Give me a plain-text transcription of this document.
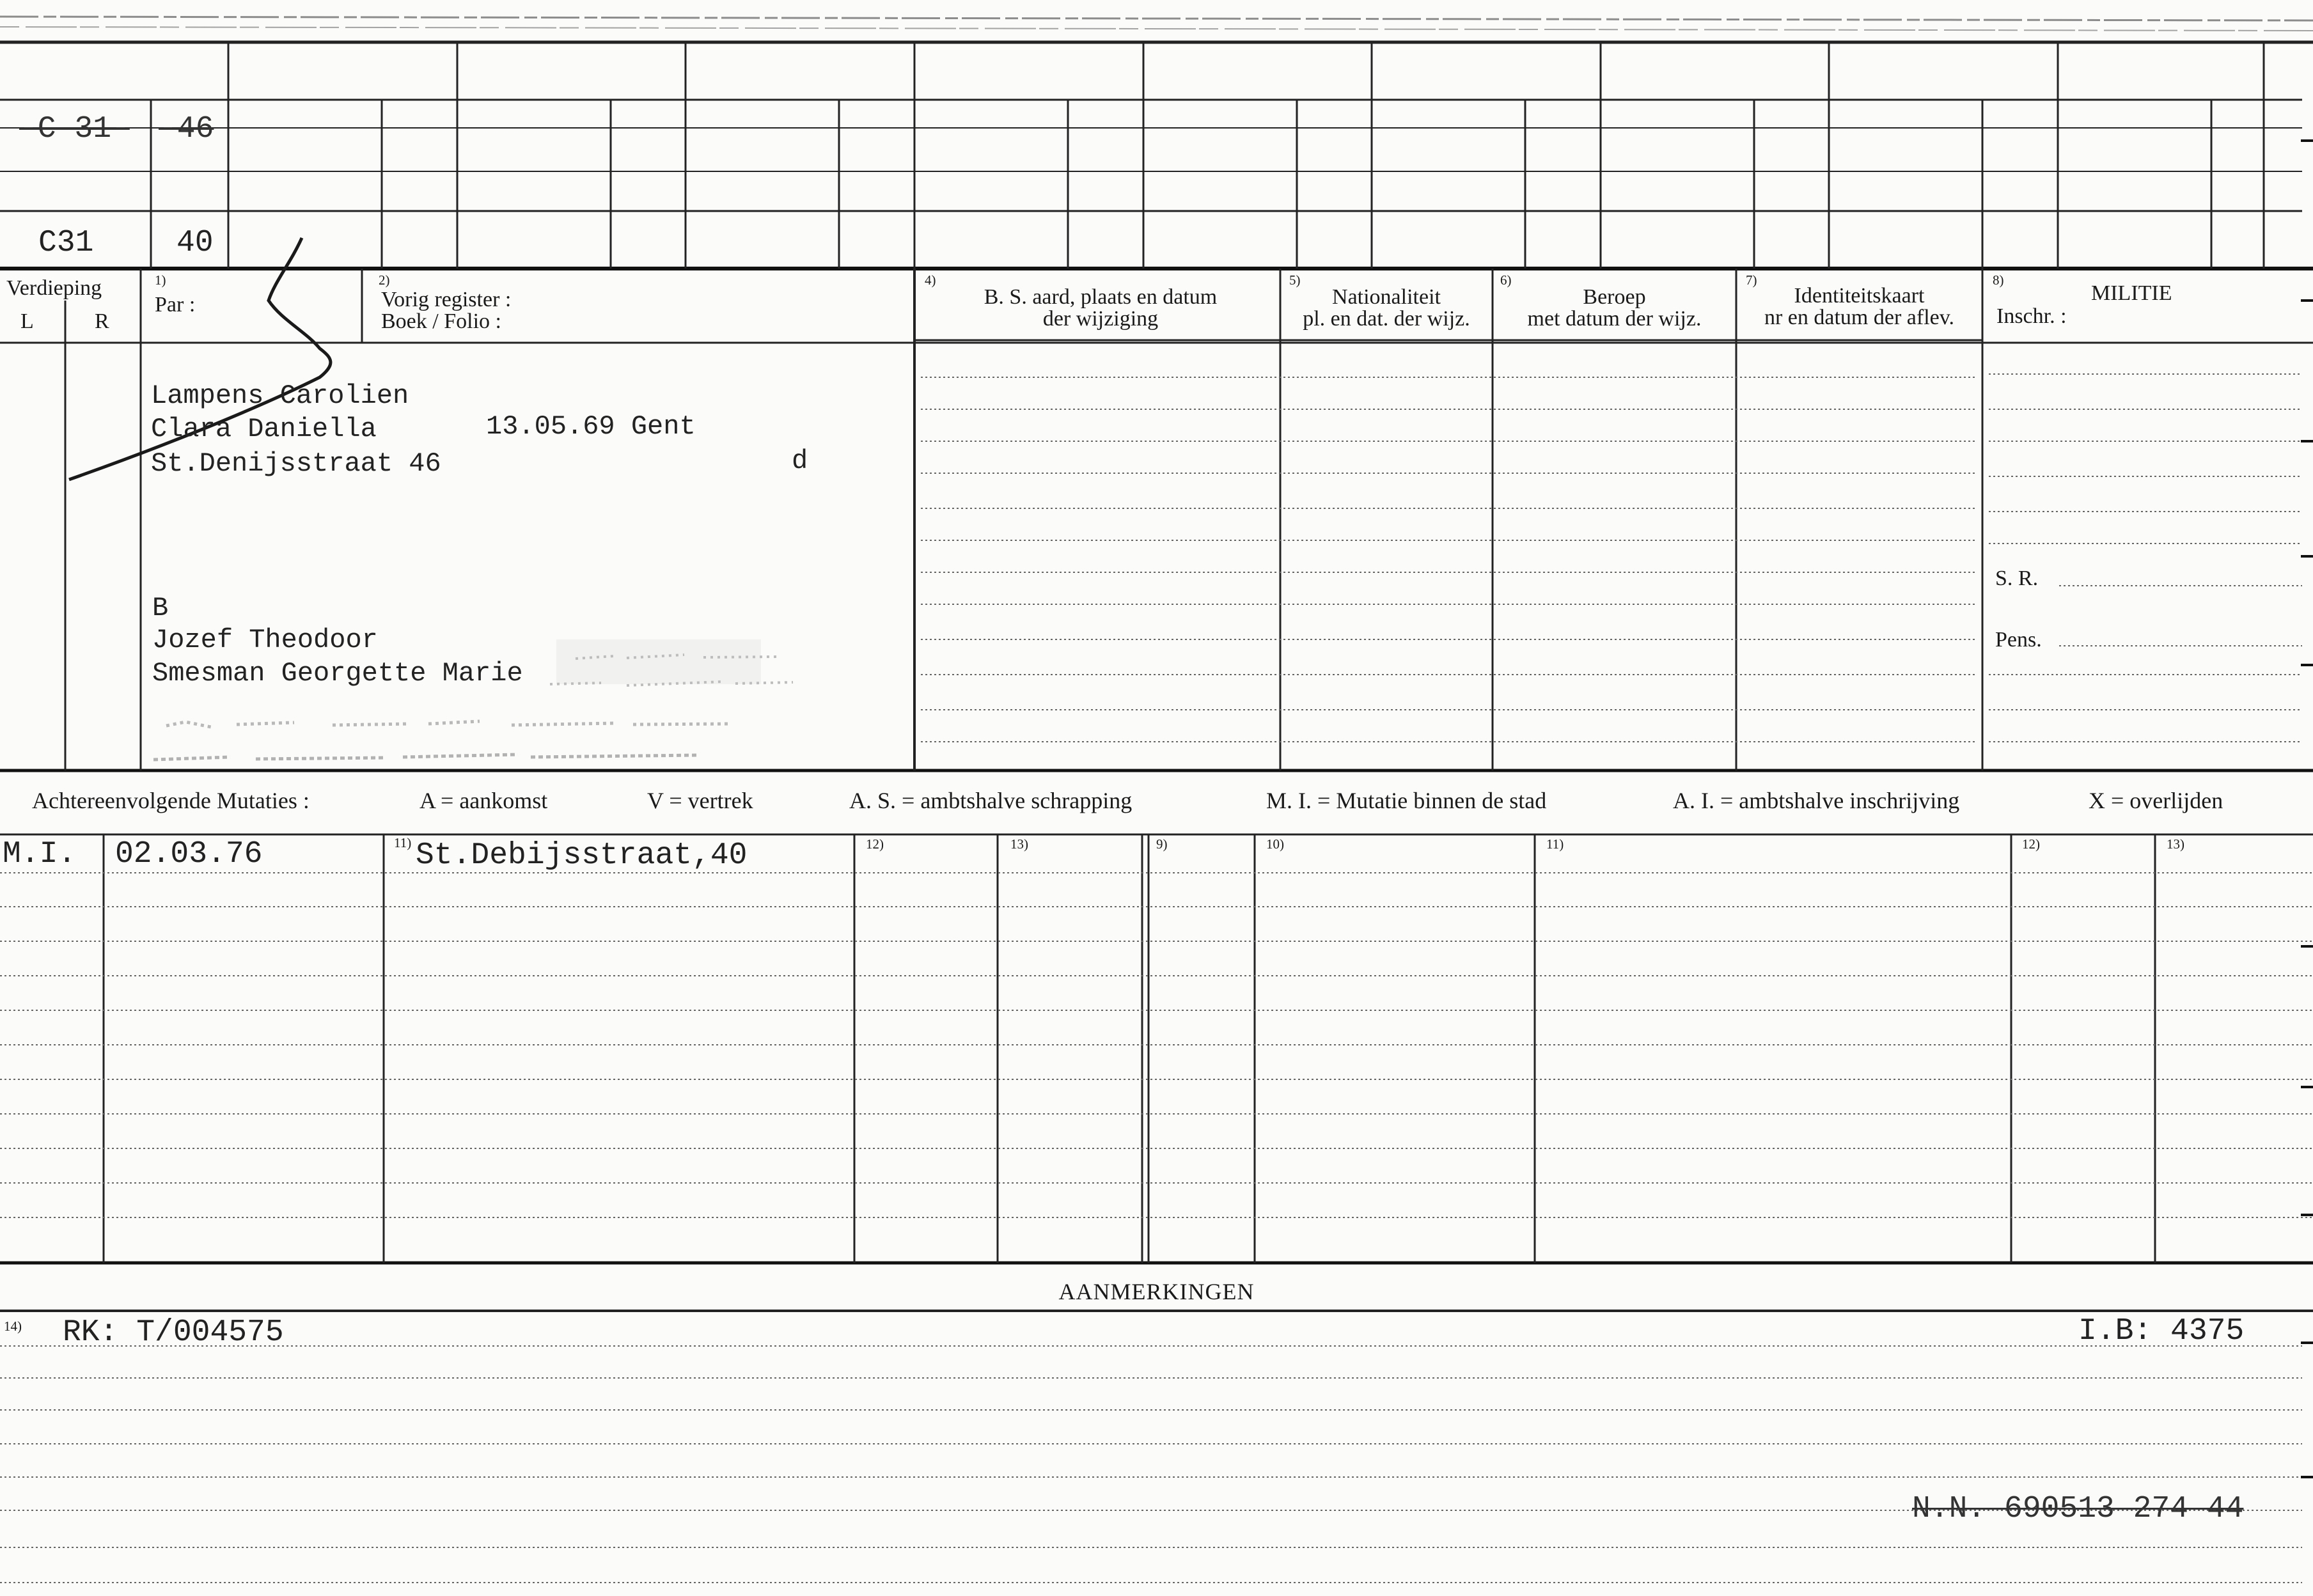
-C 31- -46
C31	40
Verdieping
L	R
1)
Par :
2)
Vorig register :
Boek / Folio :
4)
B. S. aard, plaats en datum
der wijziging
5)
Nationaliteit
pl. en dat. der wijz.
6)
Beroep
met datum der wijz.
7)
Identiteitskaart
nr en datum der aflev.
8)
MILITIE
Inschr. :
S. R.
Pens.
Lampens Carolien
Clara Daniella	13.05.69 Gent
St.Denijsstraat 46	d
B
Jozef Theodoor
Smesman Georgette Marie
Achtereenvolgende Mutaties :	A = aankomst	V = vertrek	A. S. = ambtshalve schrapping	M. I. = Mutatie binnen de stad	A. I. = ambtshalve inschrijving	X = overlijden
11)	12)	13)	9)	10)	11)	12)	13)
M.I. 02.03.76	St.Debijsstraat,40
AANMERKINGEN
14) RK: T/004575	I.B: 4375
N.N. 690513 274 44
